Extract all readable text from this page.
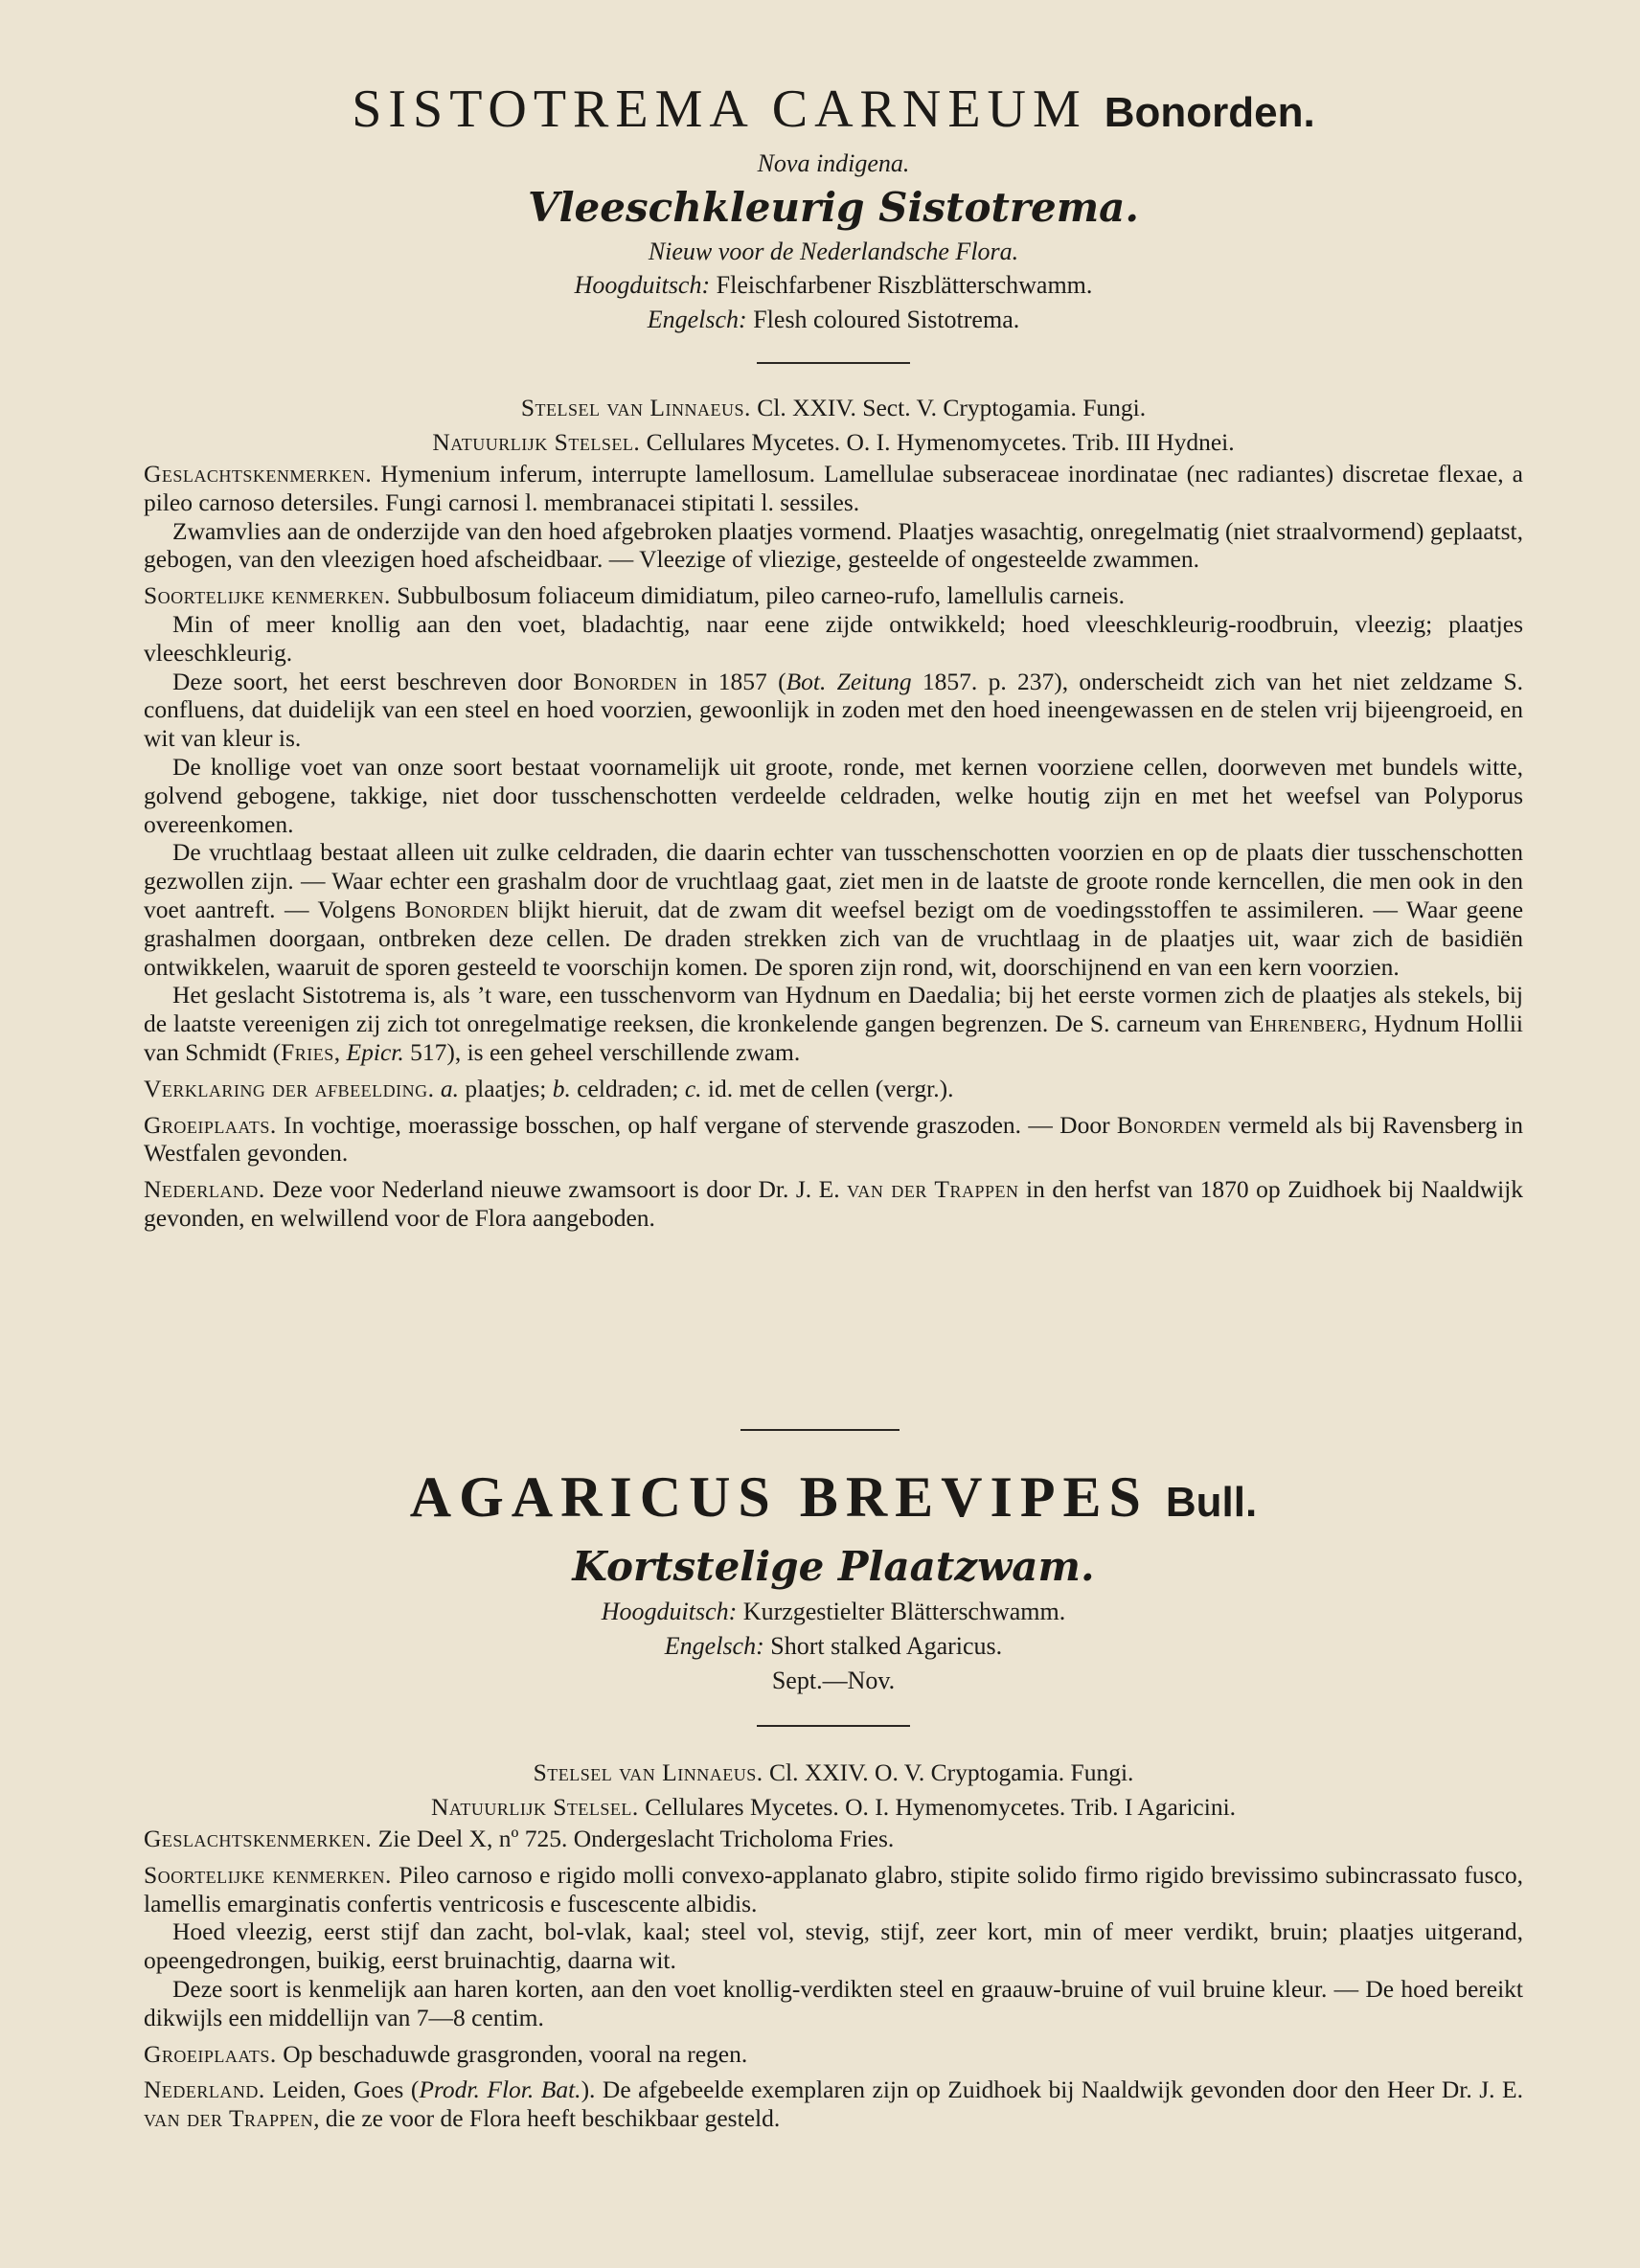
SISTOTREMA CARNEUM Bonorden.
Nova indigena.
Vleeschkleurig Sistotrema.
Nieuw voor de Nederlandsche Flora.
Hoogduitsch: Fleischfarbener Riszblätterschwamm.
Engelsch: Flesh coloured Sistotrema.
Stelsel van Linnaeus. Cl. XXIV. Sect. V. Cryptogamia. Fungi.
Natuurlijk Stelsel. Cellulares Mycetes. O. I. Hymenomycetes. Trib. III Hydnei.

Geslachtskenmerken. Hymenium inferum, interrupte lamellosum. Lamellulae subseraceae inordinatae (nec radiantes) discretae flexae, a pileo carnoso detersiles. Fungi carnosi l. membranacei stipitati l. sessiles.

Zwamvlies aan de onderzijde van den hoed afgebroken plaatjes vormend. Plaatjes wasachtig, onregelmatig (niet straalvormend) geplaatst, gebogen, van den vleezigen hoed afscheidbaar. — Vleezige of vliezige, gesteelde of ongesteelde zwammen.

Soortelijke kenmerken. Subbulbosum foliaceum dimidiatum, pileo carneo-rufo, lamellulis carneis.

Min of meer knollig aan den voet, bladachtig, naar eene zijde ontwikkeld; hoed vleeschkleurig-roodbruin, vleezig; plaatjes vleeschkleurig.

Deze soort, het eerst beschreven door Bonorden in 1857 (Bot. Zeitung 1857. p. 237), onderscheidt zich van het niet zeldzame S. confluens, dat duidelijk van een steel en hoed voorzien, gewoonlijk in zoden met den hoed ineengewassen en de stelen vrij bijeengroeid, en wit van kleur is.

De knollige voet van onze soort bestaat voornamelijk uit groote, ronde, met kernen voorziene cellen, doorweven met bundels witte, golvend gebogene, takkige, niet door tusschenschotten verdeelde celdraden, welke houtig zijn en met het weefsel van Polyporus overeenkomen.

De vruchtlaag bestaat alleen uit zulke celdraden, die daarin echter van tusschenschotten voorzien en op de plaats dier tusschenschotten gezwollen zijn. — Waar echter een grashalm door de vruchtlaag gaat, ziet men in de laatste de groote ronde kerncellen, die men ook in den voet aantreft. — Volgens Bonorden blijkt hieruit, dat de zwam dit weefsel bezigt om de voedingsstoffen te assimileren. — Waar geene grashalmen doorgaan, ontbreken deze cellen. De draden strekken zich van de vruchtlaag in de plaatjes uit, waar zich de basidiën ontwikkelen, waaruit de sporen gesteeld te voorschijn komen. De sporen zijn rond, wit, doorschijnend en van een kern voorzien.

Het geslacht Sistotrema is, als ’t ware, een tusschenvorm van Hydnum en Daedalia; bij het eerste vormen zich de plaatjes als stekels, bij de laatste vereenigen zij zich tot onregelmatige reeksen, die kronkelende gangen begrenzen. De S. carneum van Ehrenberg, Hydnum Hollii van Schmidt (Fries, Epicr. 517), is een geheel verschillende zwam.

Verklaring der afbeelding. a. plaatjes; b. celdraden; c. id. met de cellen (vergr.).

Groeiplaats. In vochtige, moerassige bosschen, op half vergane of stervende graszoden. — Door Bonorden vermeld als bij Ravensberg in Westfalen gevonden.

Nederland. Deze voor Nederland nieuwe zwamsoort is door Dr. J. E. van der Trappen in den herfst van 1870 op Zuidhoek bij Naaldwijk gevonden, en welwillend voor de Flora aangeboden.

AGARICUS BREVIPES Bull.
Kortstelige Plaatzwam.
Hoogduitsch: Kurzgestielter Blätterschwamm.
Engelsch: Short stalked Agaricus.
Sept.—Nov.
Stelsel van Linnaeus. Cl. XXIV. O. V. Cryptogamia. Fungi.
Natuurlijk Stelsel. Cellulares Mycetes. O. I. Hymenomycetes. Trib. I Agaricini.

Geslachtskenmerken. Zie Deel X, nº 725. Ondergeslacht Tricholoma Fries.

Soortelijke kenmerken. Pileo carnoso e rigido molli convexo-applanato glabro, stipite solido firmo rigido brevissimo subincrassato fusco, lamellis emarginatis confertis ventricosis e fuscescente albidis.

Hoed vleezig, eerst stijf dan zacht, bol-vlak, kaal; steel vol, stevig, stijf, zeer kort, min of meer verdikt, bruin; plaatjes uitgerand, opeengedrongen, buikig, eerst bruinachtig, daarna wit.

Deze soort is kenmelijk aan haren korten, aan den voet knollig-verdikten steel en graauw-bruine of vuil bruine kleur. — De hoed bereikt dikwijls een middellijn van 7—8 centim.

Groeiplaats. Op beschaduwde grasgronden, vooral na regen.

Nederland. Leiden, Goes (Prodr. Flor. Bat.). De afgebeelde exemplaren zijn op Zuidhoek bij Naaldwijk gevonden door den Heer Dr. J. E. van der Trappen, die ze voor de Flora heeft beschikbaar gesteld.
